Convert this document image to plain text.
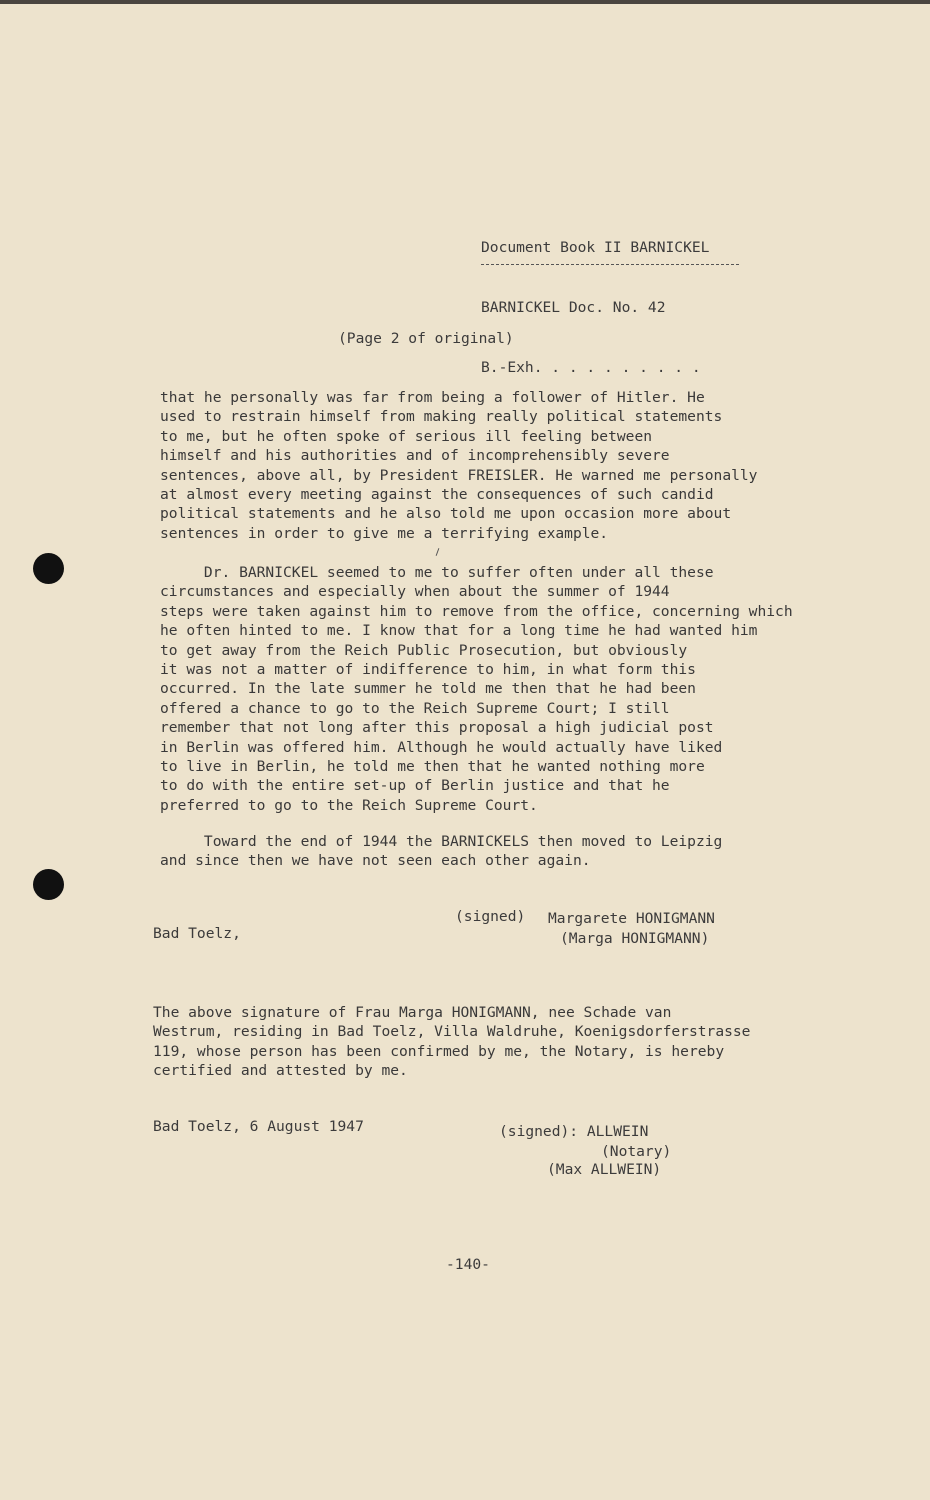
Document Book II BARNICKEL

BARNICKEL Doc. No. 42

B.-Exh. . . . . . . . . .

(Page 2 of original)
that he personally was far from being a follower of Hitler. He
used to restrain himself from making really political statements
to me, but he often spoke of serious ill feeling between
himself and his authorities and of incomprehensibly severe
sentences, above all, by President FREISLER. He warned me personally
at almost every meeting against the consequences of such candid
political statements and he also told me upon occasion more about
sentences in order to give me a terrifying example.
Dr. BARNICKEL seemed to me to suffer often under all these
circumstances and especially when about the summer of 1944
steps were taken against him to remove from the office, concerning which
he often hinted to me. I know that for a long time he had wanted him
to get away from the Reich Public Prosecution, but obviously
it was not a matter of indifference to him, in what form this
occurred. In the late summer he told me then that he had been
offered a chance to go to the Reich Supreme Court; I still
remember that not long after this proposal a high judicial post
in Berlin was offered him. Although he would actually have liked
to live in Berlin, he told me then that he wanted nothing more
to do with the entire set-up of Berlin justice and that he
preferred to go to the Reich Supreme Court.
Toward the end of 1944 the BARNICKELS then moved to Leipzig
and since then we have not seen each other again.
(signed) Margarete HONIGMANN
(Marga HONIGMANN)
Bad Toelz,
The above signature of Frau Marga HONIGMANN, nee Schade van
Westrum, residing in Bad Toelz, Villa Waldruhe, Koenigsdorferstrasse
119, whose person has been confirmed by me, the Notary, is hereby
certified and attested by me.
Bad Toelz, 6 August 1947	(signed): ALLWEIN
(Notary)
(Max ALLWEIN)
-140-
